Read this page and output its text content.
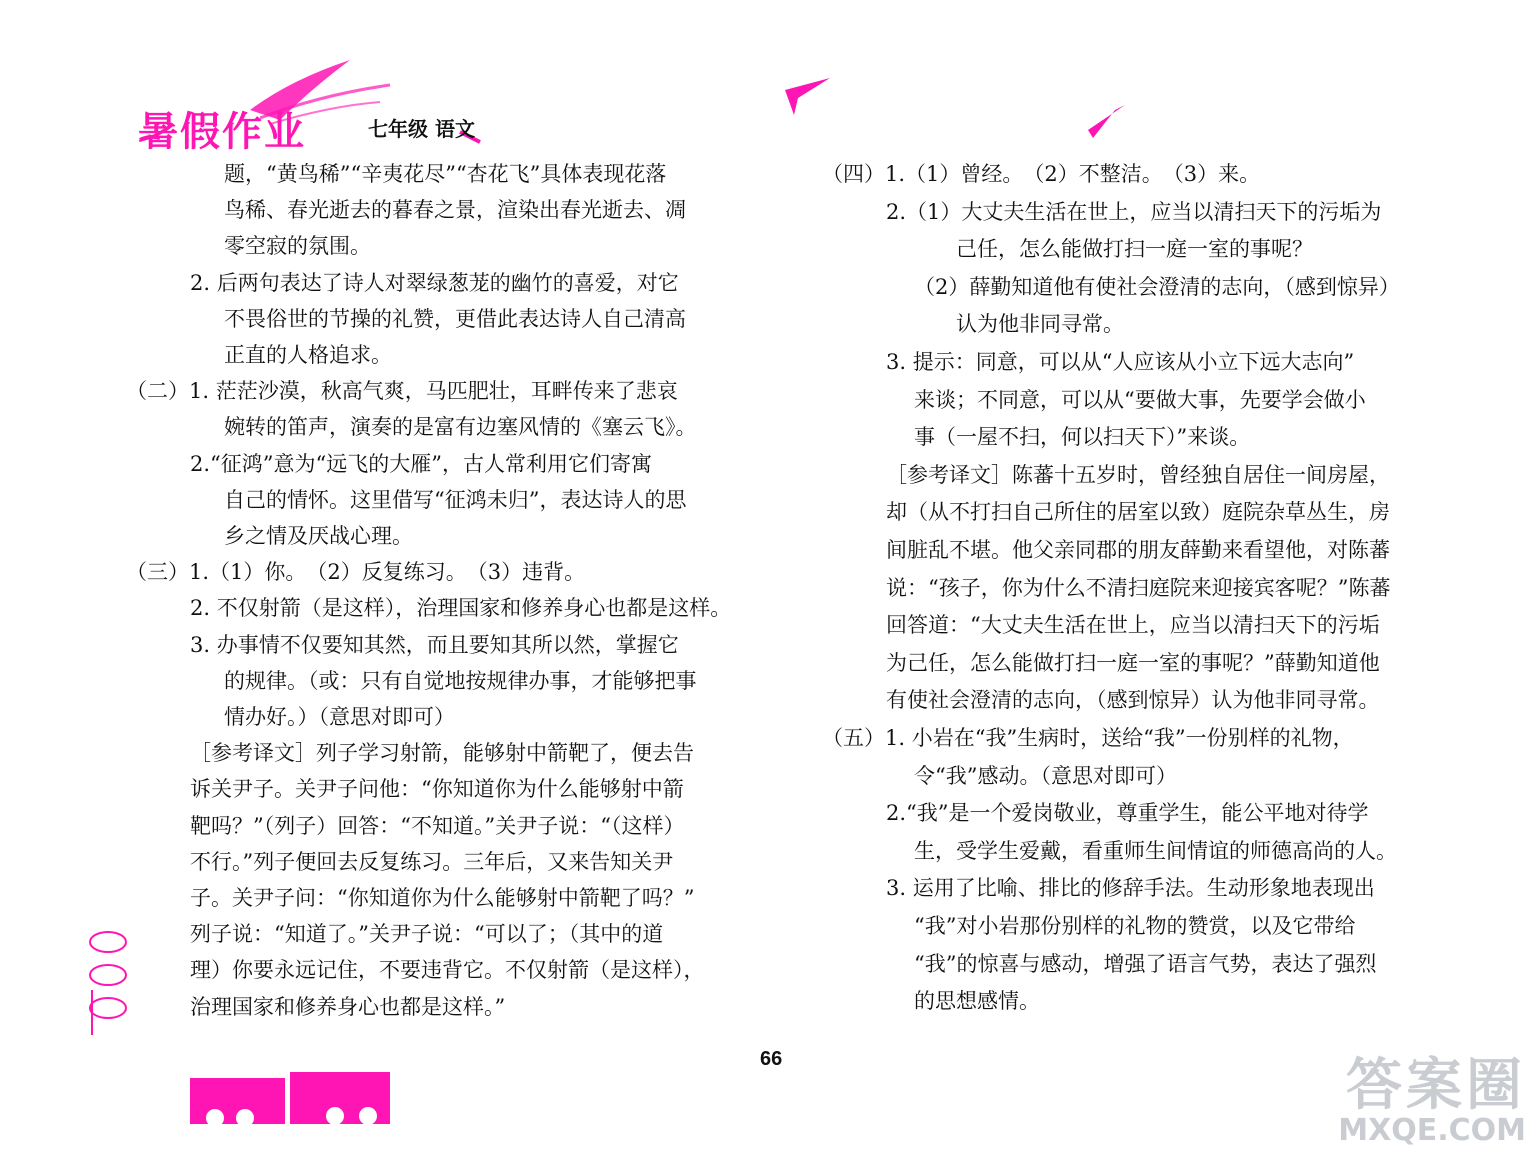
暑假作业	七年级 语文
题，“黄鸟稀”“辛夷花尽”“杏花飞”具体表现花落
鸟稀、春光逝去的暮春之景，渲染出春光逝去、凋
零空寂的氛围。
2. 后两句表达了诗人对翠绿葱茏的幽竹的喜爱，对它
不畏俗世的节操的礼赞，更借此表达诗人自己清高
正直的人格追求。
（二）1. 茫茫沙漠，秋高气爽，马匹肥壮，耳畔传来了悲哀
婉转的笛声，演奏的是富有边塞风情的《塞云飞》。
2.“征鸿”意为“远飞的大雁”，古人常利用它们寄寓
自己的情怀。这里借写“征鸿未归”，表达诗人的思
乡之情及厌战心理。
（三）1.（1）你。　（2）反复练习。　（3）违背。
2. 不仅射箭（是这样），治理国家和修养身心也都是这样。
3. 办事情不仅要知其然，而且要知其所以然，掌握它
的规律。（或：只有自觉地按规律办事，才能够把事
情办好。）（意思对即可）
［参考译文］列子学习射箭，能够射中箭靶了，便去告
诉关尹子。关尹子问他：“你知道你为什么能够射中箭
靶吗？”（列子）回答：“不知道。”关尹子说：“（这样）
不行。”列子便回去反复练习。三年后，又来告知关尹
子。关尹子问：“你知道你为什么能够射中箭靶了吗？”
列子说：“知道了。”关尹子说：“可以了；（其中的道
理）你要永远记住，不要违背它。不仅射箭（是这样），
治理国家和修养身心也都是这样。”
（四）1.（1）曾经。　（2）不整洁。　（3）来。
2.（1）大丈夫生活在世上，应当以清扫天下的污垢为
己任，怎么能做打扫一庭一室的事呢？
（2）薛勤知道他有使社会澄清的志向，（感到惊异）
认为他非同寻常。
3. 提示：同意，可以从“人应该从小立下远大志向”
来谈；不同意，可以从“要做大事，先要学会做小
事（一屋不扫，何以扫天下）”来谈。
［参考译文］陈蕃十五岁时，曾经独自居住一间房屋，
却（从不打扫自己所住的居室以致）庭院杂草丛生，房
间脏乱不堪。他父亲同郡的朋友薛勤来看望他，对陈蕃
说：“孩子，你为什么不清扫庭院来迎接宾客呢？”陈蕃
回答道：“大丈夫生活在世上，应当以清扫天下的污垢
为己任，怎么能做打扫一庭一室的事呢？”薛勤知道他
有使社会澄清的志向，（感到惊异）认为他非同寻常。
（五）1. 小岩在“我”生病时，送给“我”一份别样的礼物，
令“我”感动。（意思对即可）
2.“我”是一个爱岗敬业，尊重学生，能公平地对待学
生，受学生爱戴，看重师生间情谊的师德高尚的人。
3. 运用了比喻、排比的修辞手法。生动形象地表现出
“我”对小岩那份别样的礼物的赞赏，以及它带给
“我”的惊喜与感动，增强了语言气势，表达了强烈
的思想感情。
66	答案圈
MXQE.COM
